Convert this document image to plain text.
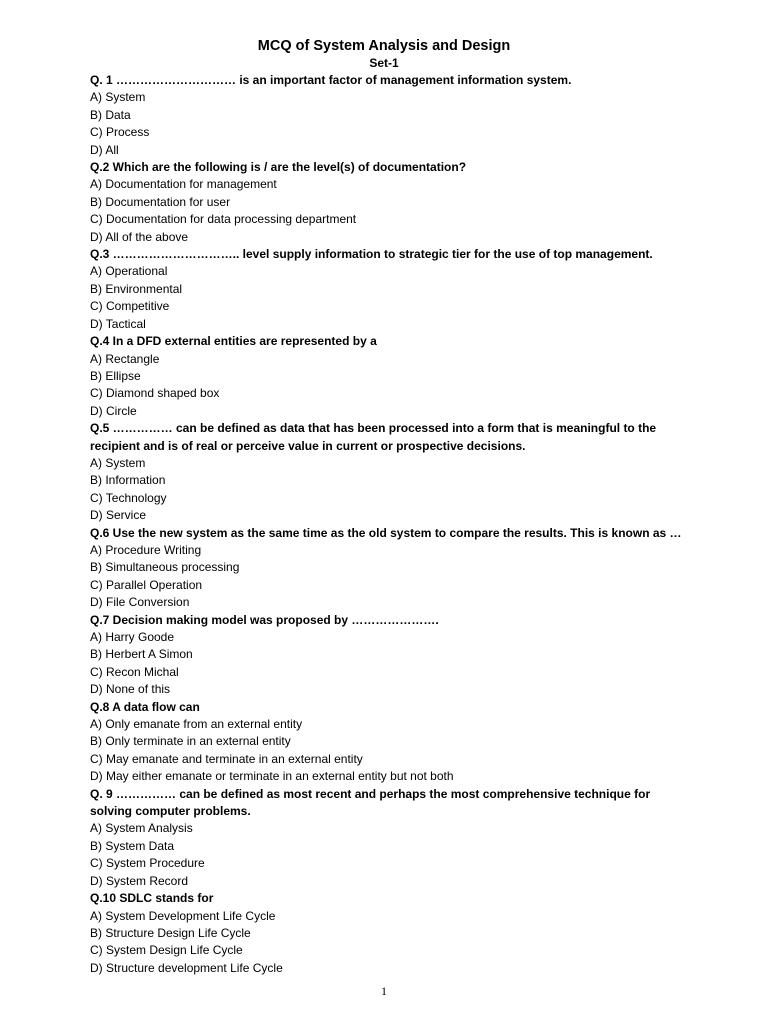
MCQ of System Analysis and Design
Set-1
Q. 1 ………………………… is an important factor of management information system.
A) System
B) Data
C) Process
D) All
Q.2 Which are the following is / are the level(s) of documentation?
A) Documentation for management
B) Documentation for user
C) Documentation for data processing department
D) All of the above
Q.3 ………………………….. level supply information to strategic tier for the use of top management.
A) Operational
B) Environmental
C) Competitive
D) Tactical
Q.4 In a DFD external entities are represented by a
A) Rectangle
B) Ellipse
C) Diamond shaped box
D) Circle
Q.5 …………… can be defined as data that has been processed into a form that is meaningful to the
recipient and is of real or perceive value in current or prospective decisions.
A) System
B) Information
C) Technology
D) Service
Q.6 Use the new system as the same time as the old system to compare the results. This is known as …
A) Procedure Writing
B) Simultaneous processing
C) Parallel Operation
D) File Conversion
Q.7 Decision making model was proposed by ………………….
A) Harry Goode
B) Herbert A Simon
C) Recon Michal
D) None of this
Q.8 A data flow can
A) Only emanate from an external entity
B) Only terminate in an external entity
C) May emanate and terminate in an external entity
D) May either emanate or terminate in an external entity but not both
Q. 9 …………… can be defined as most recent and perhaps the most comprehensive technique for
solving computer problems.
A) System Analysis
B) System Data
C) System Procedure
D) System Record
Q.10 SDLC stands for
A) System Development Life Cycle
B) Structure Design Life Cycle
C) System Design Life Cycle
D) Structure development Life Cycle
1
